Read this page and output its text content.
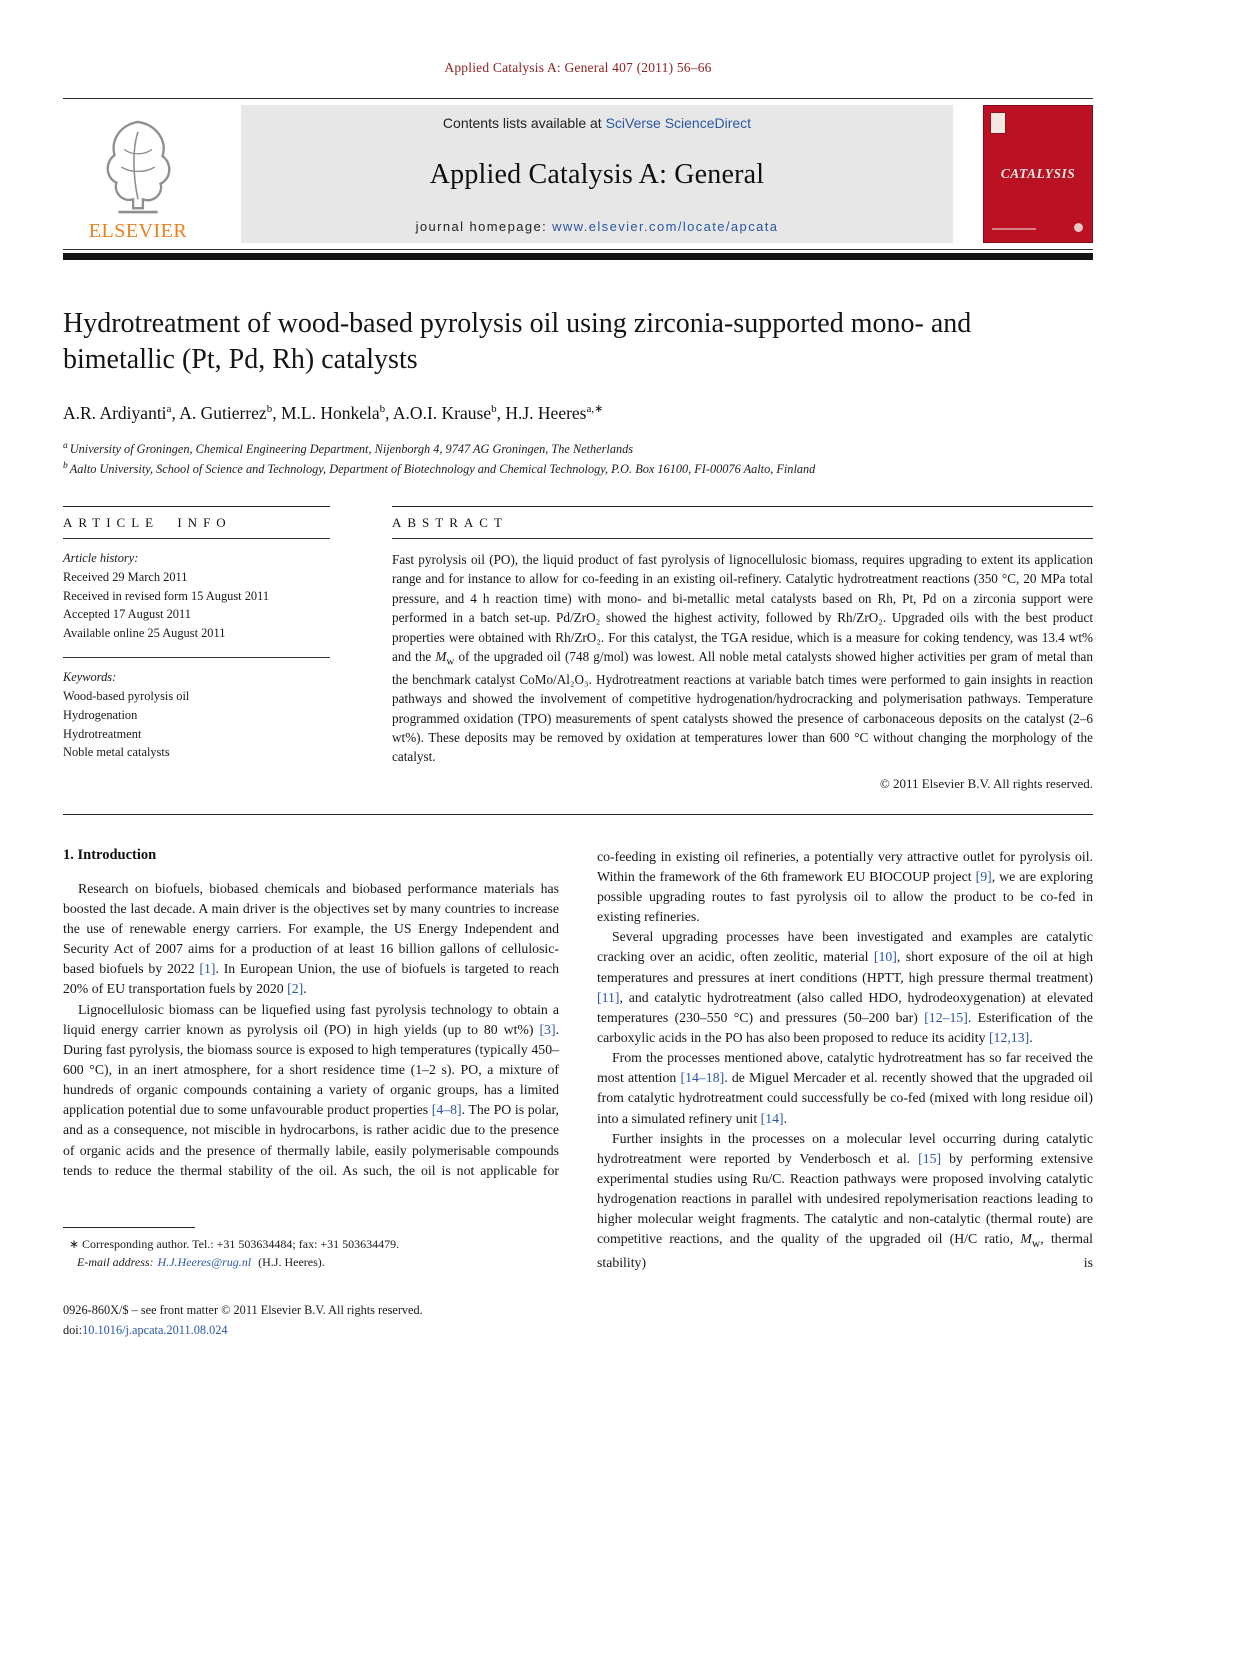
Applied Catalysis A: General 407 (2011) 56–66
ELSEVIER
Contents lists available at SciVerse ScienceDirect
Applied Catalysis A: General
journal homepage: www.elsevier.com/locate/apcata
CATALYSIS
Hydrotreatment of wood-based pyrolysis oil using zirconia-supported mono- and bimetallic (Pt, Pd, Rh) catalysts
A.R. Ardiyanti$^a$, A. Gutierrez$^b$, M.L. Honkela$^b$, A.O.I. Krause$^b$, H.J. Heeres$^{a,∗}$
$^a$ University of Groningen, Chemical Engineering Department, Nijenborgh 4, 9747 AG Groningen, The Netherlands
$^b$ Aalto University, School of Science and Technology, Department of Biotechnology and Chemical Technology, P.O. Box 16100, FI-00076 Aalto, Finland
ARTICLE INFO
Article history:
Received 29 March 2011
Received in revised form 15 August 2011
Accepted 17 August 2011
Available online 25 August 2011
Keywords:
Wood-based pyrolysis oil
Hydrogenation
Hydrotreatment
Noble metal catalysts
ABSTRACT
Fast pyrolysis oil (PO), the liquid product of fast pyrolysis of lignocellulosic biomass, requires upgrading to extent its application range and for instance to allow for co-feeding in an existing oil-refinery. Catalytic hydrotreatment reactions (350 °C, 20 MPa total pressure, and 4 h reaction time) with mono- and bi-metallic metal catalysts based on Rh, Pt, Pd on a zirconia support were performed in a batch set-up. Pd/ZrO₂ showed the highest activity, followed by Rh/ZrO₂. Upgraded oils with the best product properties were obtained with Rh/ZrO₂. For this catalyst, the TGA residue, which is a measure for coking tendency, was 13.4 wt% and the $M_w$ of the upgraded oil (748 g/mol) was lowest. All noble metal catalysts showed higher activities per gram of metal than the benchmark catalyst CoMo/Al₂O₃. Hydrotreatment reactions at variable batch times were performed to gain insights in reaction pathways and showed the involvement of competitive hydrogenation/hydrocracking and polymerisation pathways. Temperature programmed oxidation (TPO) measurements of spent catalysts showed the presence of carbonaceous deposits on the catalyst (2–6 wt%). These deposits may be removed by oxidation at temperatures lower than 600 °C without changing the morphology of the catalyst.
© 2011 Elsevier B.V. All rights reserved.
1. Introduction

Research on biofuels, biobased chemicals and biobased performance materials has boosted the last decade. A main driver is the objectives set by many countries to increase the use of renewable energy carriers. For example, the US Energy Independent and Security Act of 2007 aims for a production of at least 16 billion gallons of cellulosic-based biofuels by 2022 [1]. In European Union, the use of biofuels is targeted to reach 20% of EU transportation fuels by 2020 [2].

Lignocellulosic biomass can be liquefied using fast pyrolysis technology to obtain a liquid energy carrier known as pyrolysis oil (PO) in high yields (up to 80 wt%) [3]. During fast pyrolysis, the biomass source is exposed to high temperatures (typically 450–600 °C), in an inert atmosphere, for a short residence time (1–2 s). PO, a mixture of hundreds of organic compounds containing a variety of organic groups, has a limited application potential due to some unfavourable product properties [4–8]. The PO is polar, and as a consequence, not miscible in hydrocarbons, is rather acidic due to the presence of organic acids and the presence of thermally labile, easily polymerisable compounds tends to reduce the thermal stability of the oil. As such, the oil is not applicable for

∗ Corresponding author. Tel.: +31 503634484; fax: +31 503634479.
E-mail address: H.J.Heeres@rug.nl (H.J. Heeres).
0926-860X/$ – see front matter © 2011 Elsevier B.V. All rights reserved.
doi:10.1016/j.apcata.2011.08.024

co-feeding in existing oil refineries, a potentially very attractive outlet for pyrolysis oil. Within the framework of the 6th framework EU BIOCOUP project [9], we are exploring possible upgrading routes to fast pyrolysis oil to allow the product to be co-fed in existing refineries.

Several upgrading processes have been investigated and examples are catalytic cracking over an acidic, often zeolitic, material [10], short exposure of the oil at high temperatures and pressures at inert conditions (HPTT, high pressure thermal treatment) [11], and catalytic hydrotreatment (also called HDO, hydrodeoxygenation) at elevated temperatures (230–550 °C) and pressures (50–200 bar) [12–15]. Esterification of the carboxylic acids in the PO has also been proposed to reduce its acidity [12,13].

From the processes mentioned above, catalytic hydrotreatment has so far received the most attention [14–18]. de Miguel Mercader et al. recently showed that the upgraded oil from catalytic hydrotreatment could successfully be co-fed (mixed with long residue oil) into a simulated refinery unit [14].

Further insights in the processes on a molecular level occurring during catalytic hydrotreatment were reported by Venderbosch et al. [15] by performing extensive experimental studies using Ru/C. Reaction pathways were proposed involving catalytic hydrogenation reactions in parallel with undesired repolymerisation reactions leading to higher molecular weight fragments. The catalytic and non-catalytic (thermal route) are competitive reactions, and the quality of the upgraded oil (H/C ratio, $M_w$, thermal stability) is
